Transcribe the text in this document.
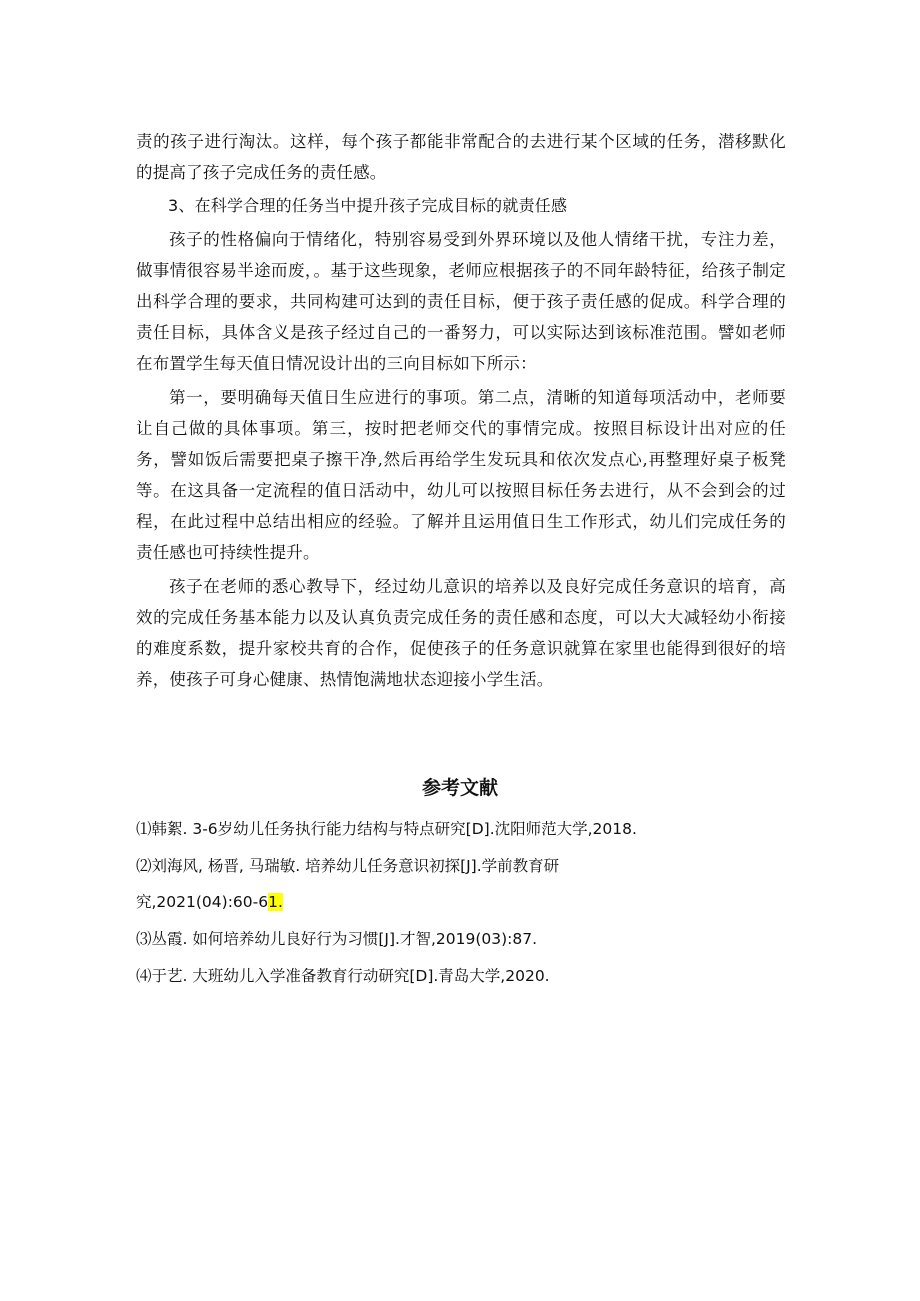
责的孩子进行淘汰。这样，每个孩子都能非常配合的去进行某个区域的任务，潜移默化的提高了孩子完成任务的责任感。

3、在科学合理的任务当中提升孩子完成目标的就责任感

孩子的性格偏向于情绪化，特别容易受到外界环境以及他人情绪干扰，专注力差，做事情很容易半途而废，。基于这些现象，老师应根据孩子的不同年龄特征，给孩子制定出科学合理的要求，共同构建可达到的责任目标，便于孩子责任感的促成。科学合理的责任目标，具体含义是孩子经过自己的一番努力，可以实际达到该标准范围。譬如老师在布置学生每天值日情况设计出的三向目标如下所示：

第一，要明确每天值日生应进行的事项。第二点，清晰的知道每项活动中，老师要让自己做的具体事项。第三，按时把老师交代的事情完成。按照目标设计出对应的任务，譬如饭后需要把桌子擦干净,然后再给学生发玩具和依次发点心,再整理好桌子板凳等。在这具备一定流程的值日活动中，幼儿可以按照目标任务去进行，从不会到会的过程，在此过程中总结出相应的经验。了解并且运用值日生工作形式，幼儿们完成任务的责任感也可持续性提升。

孩子在老师的悉心教导下，经过幼儿意识的培养以及良好完成任务意识的培育，高效的完成任务基本能力以及认真负责完成任务的责任感和态度，可以大大减轻幼小衔接的难度系数，提升家校共育的合作，促使孩子的任务意识就算在家里也能得到很好的培养，使孩子可身心健康、热情饱满地状态迎接小学生活。

参考文献
⑴韩絮. 3-6岁幼儿任务执行能力结构与特点研究[D].沈阳师范大学,2018.
⑵刘海风, 杨晋, 马瑞敏. 培养幼儿任务意识初探[J].学前教育研
究,2021(04):60-61.
⑶丛霞. 如何培养幼儿良好行为习惯[J].才智,2019(03):87.
⑷于艺. 大班幼儿入学准备教育行动研究[D].青岛大学,2020.
